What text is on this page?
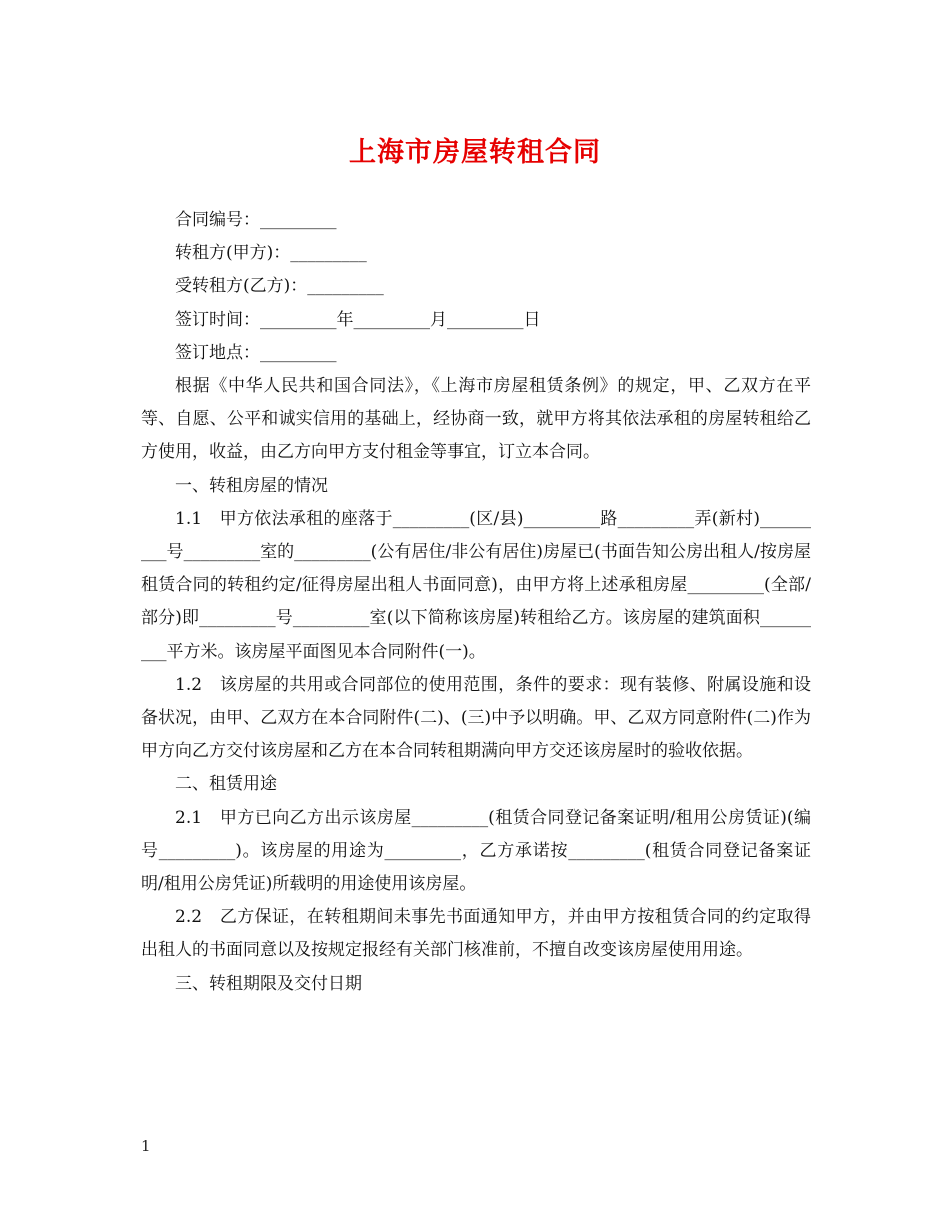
上海市房屋转租合同

合同编号：_________

转租方(甲方)：_________

受转租方(乙方)：_________

签订时间：_________年_________月_________日

签订地点：_________

根据《中华人民共和国合同法》，《上海市房屋租赁条例》的规定，甲、乙双方在平等、自愿、公平和诚实信用的基础上，经协商一致，就甲方将其依法承租的房屋转租给乙方使用，收益，由乙方向甲方支付租金等事宜，订立本合同。

一、转租房屋的情况

1.1　甲方依法承租的座落于_________(区/县)_________路_________弄(新村)_________号_________室的_________(公有居住/非公有居住)房屋已(书面告知公房出租人/按房屋租赁合同的转租约定/征得房屋出租人书面同意)，由甲方将上述承租房屋_________(全部/部分)即_________号_________室(以下简称该房屋)转租给乙方。该房屋的建筑面积_________平方米。该房屋平面图见本合同附件(一)。

1.2　该房屋的共用或合同部位的使用范围，条件的要求：现有装修、附属设施和设备状况，由甲、乙双方在本合同附件(二)、(三)中予以明确。甲、乙双方同意附件(二)作为甲方向乙方交付该房屋和乙方在本合同转租期满向甲方交还该房屋时的验收依据。

二、租赁用途

2.1　甲方已向乙方出示该房屋_________(租赁合同登记备案证明/租用公房赁证)(编号_________)。该房屋的用途为_________，乙方承诺按_________(租赁合同登记备案证明/租用公房凭证)所载明的用途使用该房屋。

2.2　乙方保证，在转租期间未事先书面通知甲方，并由甲方按租赁合同的约定取得出租人的书面同意以及按规定报经有关部门核准前，不擅自改变该房屋使用用途。

三、转租期限及交付日期

1
